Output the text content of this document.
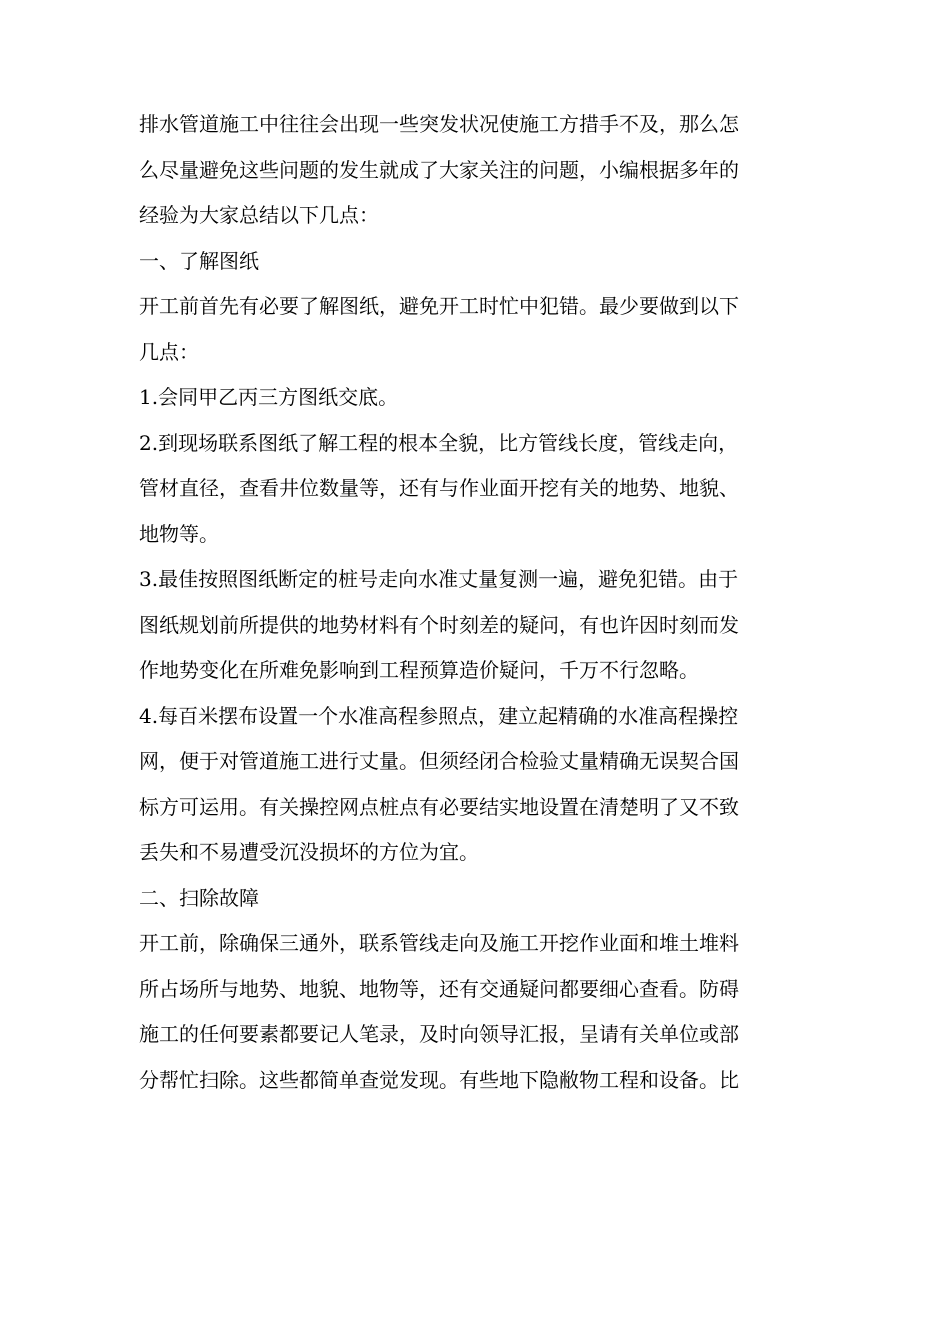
排水管道施工中往往会出现一些突发状况使施工方措手不及，那么怎
么尽量避免这些问题的发生就成了大家关注的问题，小编根据多年的
经验为大家总结以下几点：
一、了解图纸
开工前首先有必要了解图纸，避免开工时忙中犯错。最少要做到以下
几点：
1.会同甲乙丙三方图纸交底。
2.到现场联系图纸了解工程的根本全貌，比方管线长度，管线走向，
管材直径，查看井位数量等，还有与作业面开挖有关的地势、地貌、
地物等。
3.最佳按照图纸断定的桩号走向水准丈量复测一遍，避免犯错。由于
图纸规划前所提供的地势材料有个时刻差的疑问，有也许因时刻而发
作地势变化在所难免影响到工程预算造价疑问，千万不行忽略。
4.每百米摆布设置一个水准高程参照点，建立起精确的水准高程操控
网，便于对管道施工进行丈量。但须经闭合检验丈量精确无误契合国
标方可运用。有关操控网点桩点有必要结实地设置在清楚明了又不致
丢失和不易遭受沉没损坏的方位为宜。
二、扫除故障
开工前，除确保三通外，联系管线走向及施工开挖作业面和堆土堆料
所占场所与地势、地貌、地物等，还有交通疑问都要细心查看。防碍
施工的任何要素都要记人笔录，及时向领导汇报，呈请有关单位或部
分帮忙扫除。这些都简单查觉发现。有些地下隐敝物工程和设备。比
